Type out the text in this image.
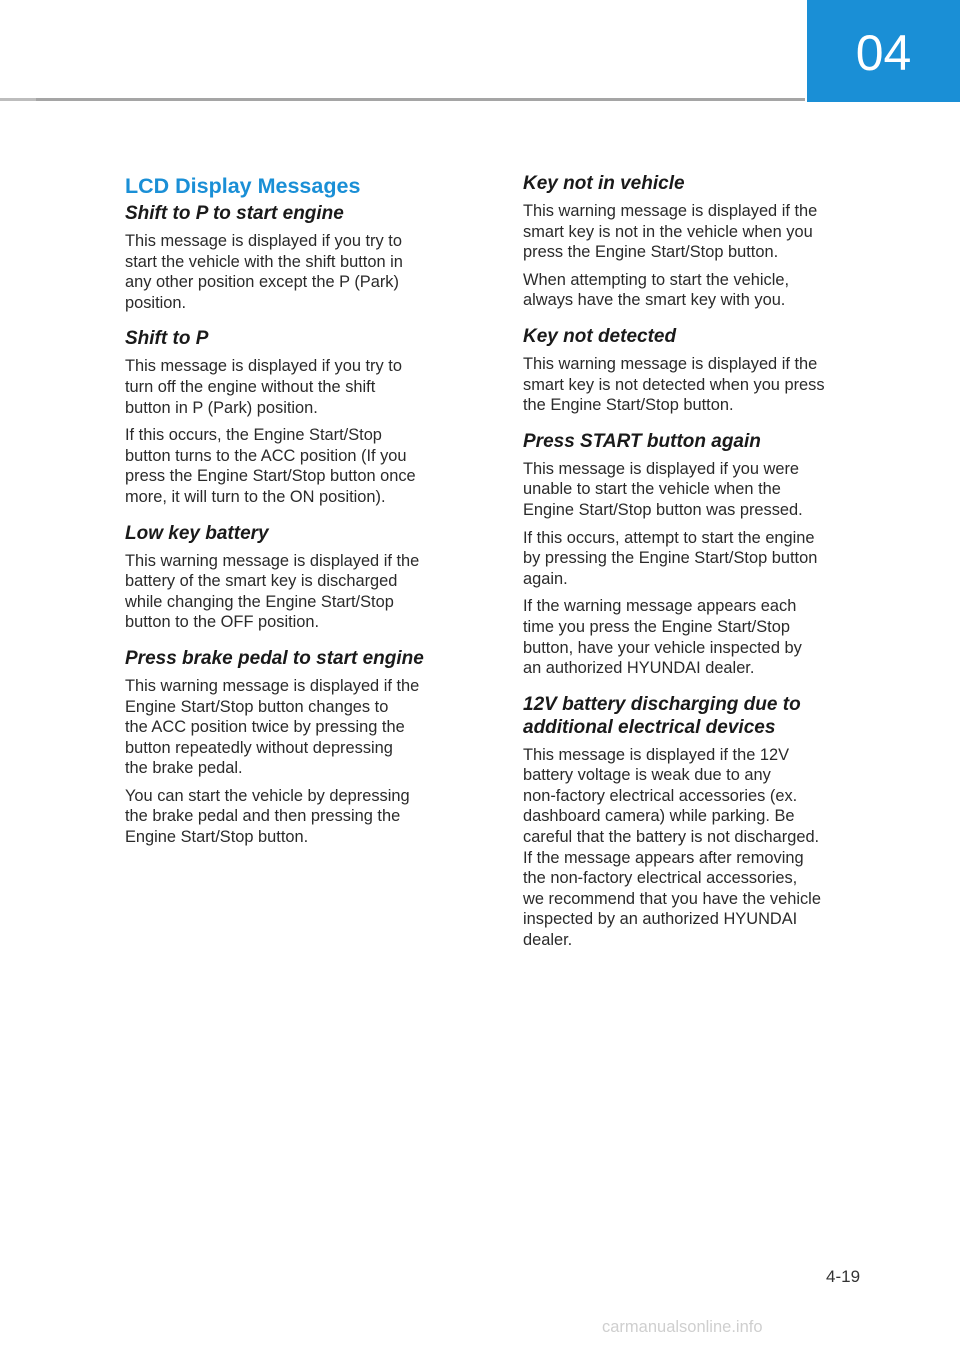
04
LCD Display Messages
Shift to P to start engine

This message is displayed if you try to
start the vehicle with the shift button in
any other position except the P (Park)
position.

Shift to P

This message is displayed if you try to
turn off the engine without the shift
button in P (Park) position.

If this occurs, the Engine Start/Stop
button turns to the ACC position (If you
press the Engine Start/Stop button once
more, it will turn to the ON position).

Low key battery

This warning message is displayed if the
battery of the smart key is discharged
while changing the Engine Start/Stop
button to the OFF position.

Press brake pedal to start engine

This warning message is displayed if the
Engine Start/Stop button changes to
the ACC position twice by pressing the
button repeatedly without depressing
the brake pedal.

You can start the vehicle by depressing
the brake pedal and then pressing the
Engine Start/Stop button.

Key not in vehicle

This warning message is displayed if the
smart key is not in the vehicle when you
press the Engine Start/Stop button.

When attempting to start the vehicle,
always have the smart key with you.

Key not detected

This warning message is displayed if the
smart key is not detected when you press
the Engine Start/Stop button.

Press START button again

This message is displayed if you were
unable to start the vehicle when the
Engine Start/Stop button was pressed.

If this occurs, attempt to start the engine
by pressing the Engine Start/Stop button
again.

If the warning message appears each
time you press the Engine Start/Stop
button, have your vehicle inspected by
an authorized HYUNDAI dealer.

12V battery discharging due to
additional electrical devices

This message is displayed if the 12V
battery voltage is weak due to any
non-factory electrical accessories (ex.
dashboard camera) while parking. Be
careful that the battery is not discharged.
If the message appears after removing
the non-factory electrical accessories,
we recommend that you have the vehicle
inspected by an authorized HYUNDAI
dealer.

4-19
carmanualsonline.info
